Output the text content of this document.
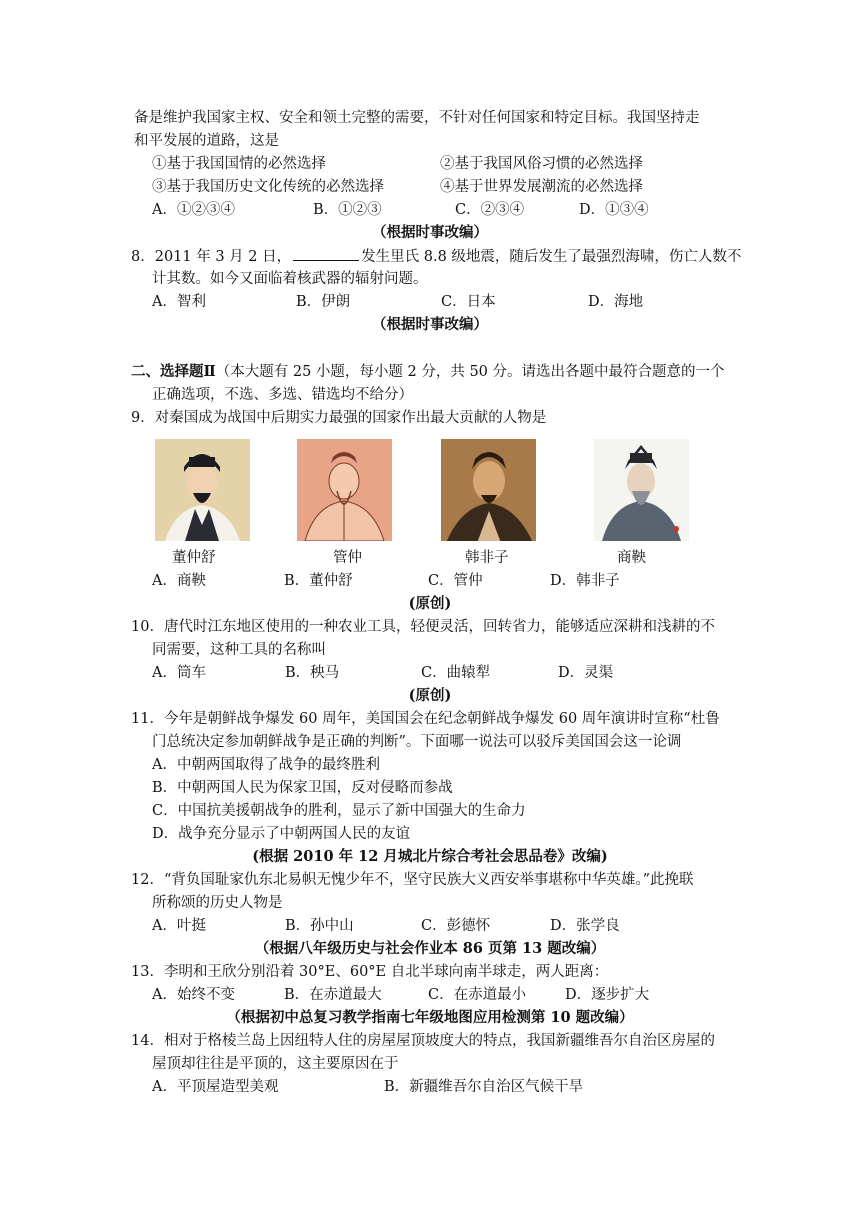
备是维护我国家主权、安全和领土完整的需要，不针对任何国家和特定目标。我国坚持走
和平发展的道路，这是
①基于我国国情的必然选择	②基于我国风俗习惯的必然选择
③基于我国历史文化传统的必然选择	④基于世界发展潮流的必然选择
A．①②③④	B．①②③	C．②③④	D．①③④
（根据时事改编）
8．2011 年 3 月 2 日，	发生里氏 8.8 级地震，随后发生了最强烈海啸，伤亡人数不
计其数。如今又面临着核武器的辐射问题。
A．智利	B．伊朗	C．日本	D．海地
（根据时事改编）
二、选择题Ⅱ（本大题有 25 小题，每小题 2 分，共 50 分。请选出各题中最符合题意的一个
正确选项，不选、多选、错选均不给分）
9．对秦国成为战国中后期实力最强的国家作出最大贡献的人物是
董仲舒	管仲	韩非子	商鞅
A．商鞅	B．董仲舒	C．管仲	D．韩非子
(原创)
10．唐代时江东地区使用的一种农业工具，轻便灵活，回转省力，能够适应深耕和浅耕的不
同需要，这种工具的名称叫
A．筒车	B．秧马	C．曲辕犁	D．灵渠
(原创)
11．今年是朝鲜战争爆发 60 周年，美国国会在纪念朝鲜战争爆发 60 周年演讲时宣称“杜鲁
门总统决定参加朝鲜战争是正确的判断”。下面哪一说法可以驳斥美国国会这一论调
A．中朝两国取得了战争的最终胜利
B．中朝两国人民为保家卫国，反对侵略而参战
C．中国抗美援朝战争的胜利，显示了新中国强大的生命力
D．战争充分显示了中朝两国人民的友谊
(根据 2010 年 12 月城北片综合考社会思品卷》改编)
12．“背负国耻家仇东北易帜无愧少年不，坚守民族大义西安举事堪称中华英雄。”此挽联
所称颂的历史人物是
A．叶挺	B．孙中山	C．彭德怀	D．张学良
（根据八年级历史与社会作业本 86 页第 13 题改编）
13．李明和王欣分别沿着 30°E、60°E 自北半球向南半球走，两人距离：
A．始终不变	B．在赤道最大	C．在赤道最小	D．逐步扩大
（根据初中总复习教学指南七年级地图应用检测第 10 题改编）
14．相对于格棱兰岛上因纽特人住的房屋屋顶坡度大的特点，我国新疆维吾尔自治区房屋的
屋顶却往往是平顶的，这主要原因在于
A．平顶屋造型美观	B．新疆维吾尔自治区气候干旱
